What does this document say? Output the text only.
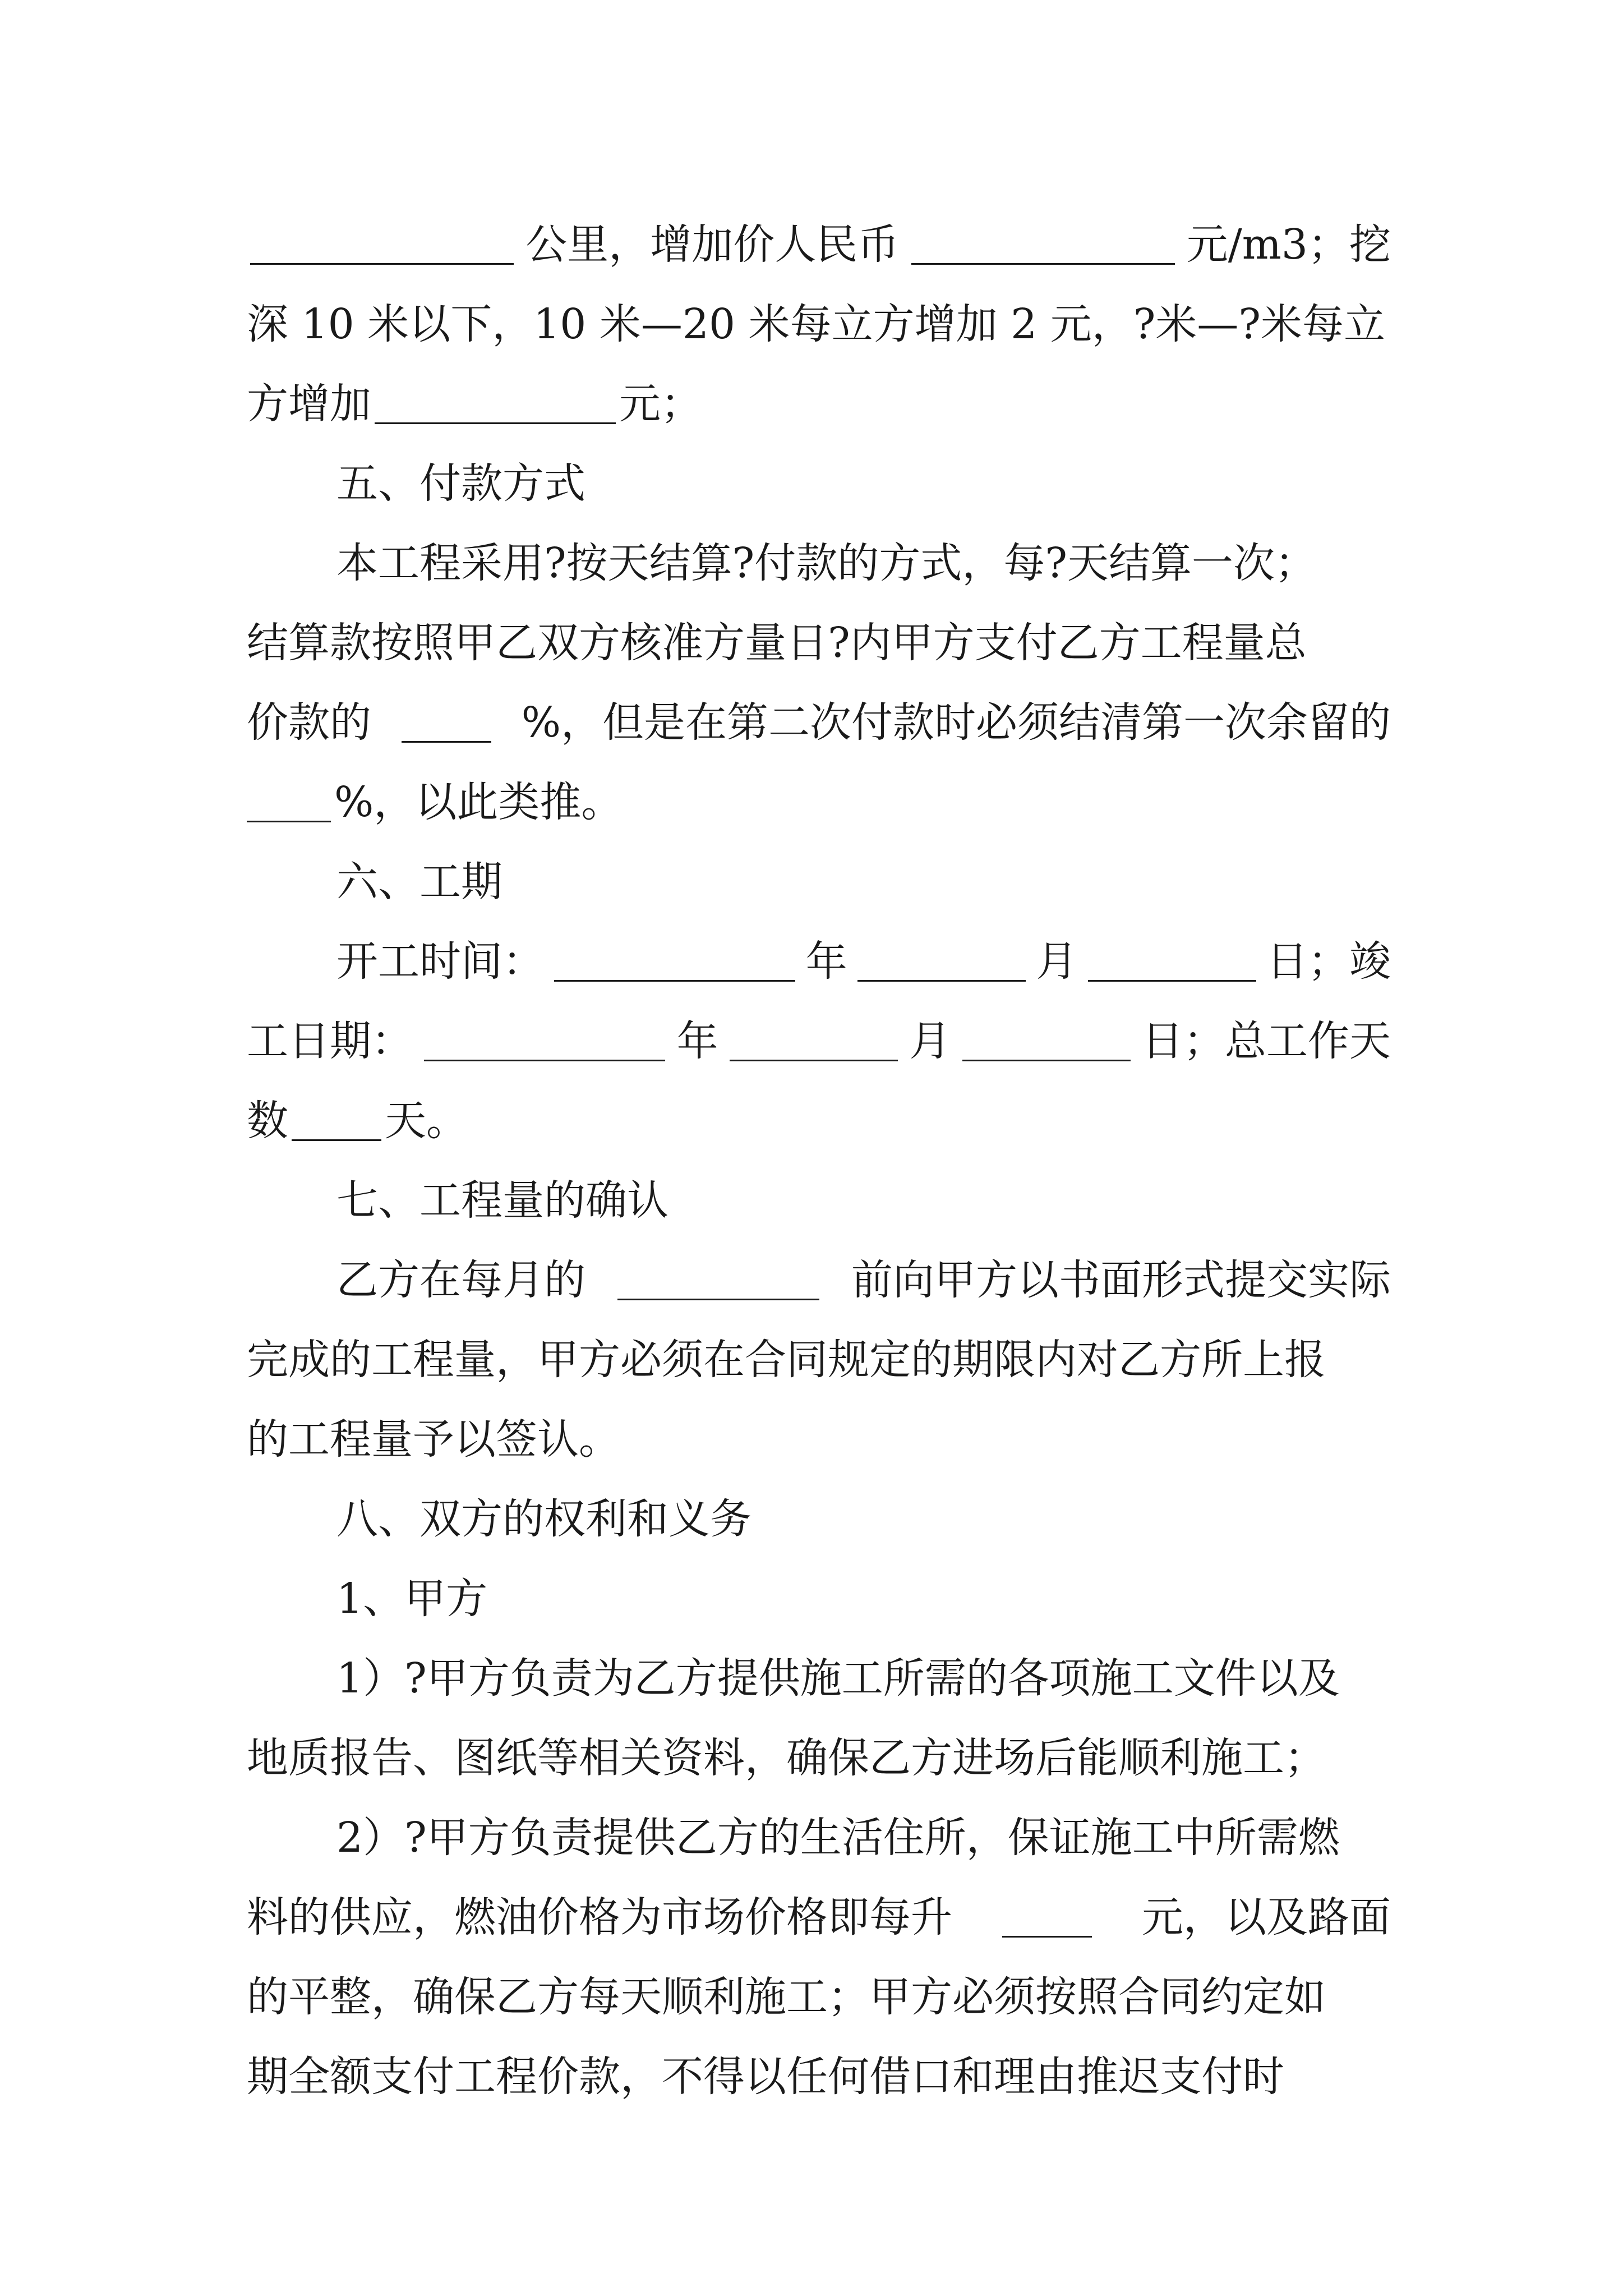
公里，增加价人民币	元/m3；挖
深 10 米以下，10 米—20 米每立方增加 2 元，?米—?米每立
方增加	元；
五、付款方式
本工程采用?按天结算?付款的方式，每?天结算一次；
结算款按照甲乙双方核准方量日?内甲方支付乙方工程量总
价款的	%，但是在第二次付款时必须结清第一次余留的
%，以此类推。
六、工期
开工时间：	年	月	日；竣
工日期：	年	月	日；总工作天
数 天。
七、工程量的确认
乙方在每月的	前向甲方以书面形式提交实际
完成的工程量，甲方必须在合同规定的期限内对乙方所上报
的工程量予以签认。
八、双方的权利和义务
1、甲方
1）?甲方负责为乙方提供施工所需的各项施工文件以及
地质报告、图纸等相关资料，确保乙方进场后能顺利施工；
2）?甲方负责提供乙方的生活住所，保证施工中所需燃
料的供应，燃油价格为市场价格即每升	元，以及路面
的平整，确保乙方每天顺利施工；甲方必须按照合同约定如
期全额支付工程价款，不得以任何借口和理由推迟支付时
